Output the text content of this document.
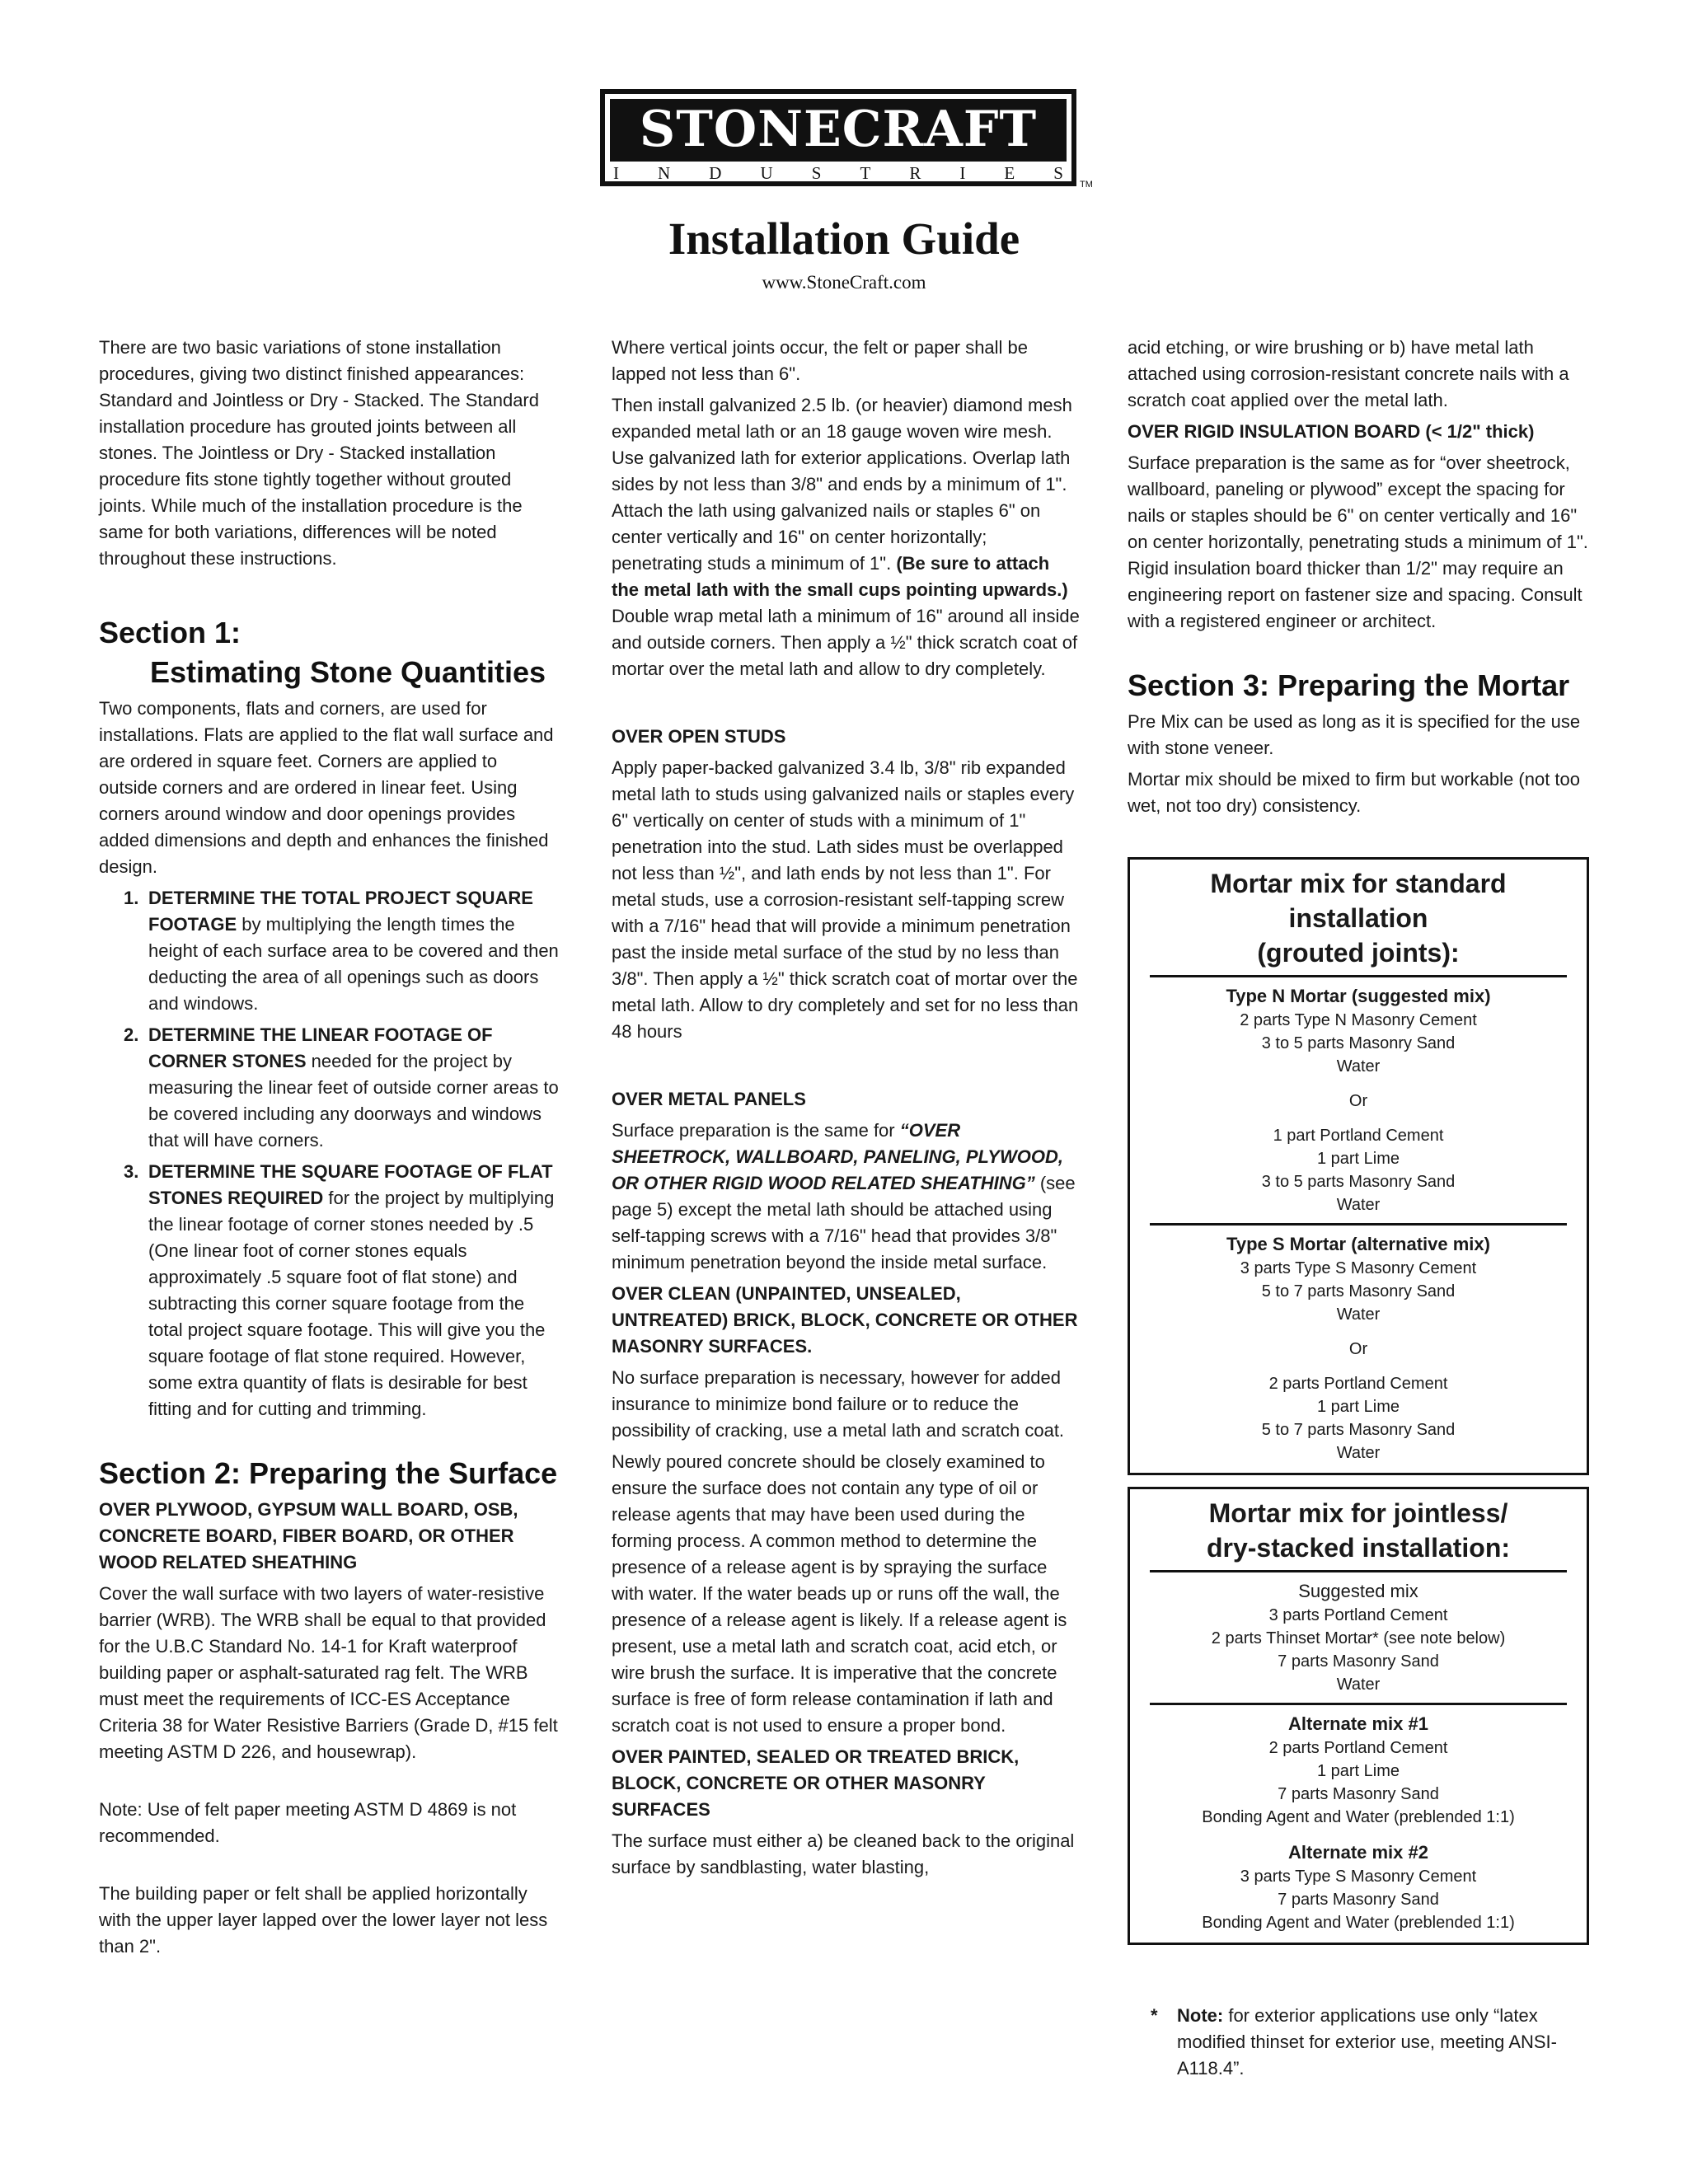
STONECRAFT
I N D U S T R I E S
TM
Installation Guide
www.StoneCraft.com

There are two basic variations of stone installation procedures, giving two distinct finished appearances: Standard and Jointless or Dry - Stacked. The Standard installation procedure has grouted joints between all stones. The Jointless or Dry - Stacked installation procedure fits stone tightly together without grouted joints. While much of the installation procedure is the same for both variations, differences will be noted throughout these instructions.

Section 1:
Estimating Stone Quantities

Two components, flats and corners, are used for installations. Flats are applied to the flat wall surface and are ordered in square feet. Corners are applied to outside corners and are ordered in linear feet. Using corners around window and door openings provides added dimensions and depth and enhances the finished design.

1. DETERMINE THE TOTAL PROJECT SQUARE FOOTAGE by multiplying the length times the height of each surface area to be covered and then deducting the area of all openings such as doors and windows.
2. DETERMINE THE LINEAR FOOTAGE OF CORNER STONES needed for the project by measuring the linear feet of outside corner areas to be covered including any doorways and windows that will have corners.
3. DETERMINE THE SQUARE FOOTAGE OF FLAT STONES REQUIRED for the project by multiplying the linear footage of corner stones needed by .5 (One linear foot of corner stones equals approximately .5 square foot of flat stone) and subtracting this corner square footage from the total project square footage. This will give you the square footage of flat stone required. However, some extra quantity of flats is desirable for best fitting and for cutting and trimming.
Section 2: Preparing the Surface

OVER PLYWOOD, GYPSUM WALL BOARD, OSB, CONCRETE BOARD, FIBER BOARD, OR OTHER WOOD RELATED SHEATHING

Cover the wall surface with two layers of water-resistive barrier (WRB). The WRB shall be equal to that provided for the U.B.C Standard No. 14-1 for Kraft waterproof building paper or asphalt-saturated rag felt. The WRB must meet the requirements of ICC-ES Acceptance Criteria 38 for Water Resistive Barriers (Grade D, #15 felt meeting ASTM D 226, and housewrap).

Note: Use of felt paper meeting ASTM D 4869 is not recommended.

The building paper or felt shall be applied horizontally with the upper layer lapped over the lower layer not less than 2".

Where vertical joints occur, the felt or paper shall be lapped not less than 6".

Then install galvanized 2.5 lb. (or heavier) diamond mesh expanded metal lath or an 18 gauge woven wire mesh. Use galvanized lath for exterior applications. Overlap lath sides by not less than 3/8" and ends by a minimum of 1". Attach the lath using galvanized nails or staples 6" on center vertically and 16" on center horizontally; penetrating studs a minimum of 1". (Be sure to attach the metal lath with the small cups pointing upwards.) Double wrap metal lath a minimum of 16" around all inside and outside corners. Then apply a ½" thick scratch coat of mortar over the metal lath and allow to dry completely.

OVER OPEN STUDS

Apply paper-backed galvanized 3.4 lb, 3/8" rib expanded metal lath to studs using galvanized nails or staples every 6" vertically on center of studs with a minimum of 1" penetration into the stud. Lath sides must be overlapped not less than ½", and lath ends by not less than 1". For metal studs, use a corrosion-resistant self-tapping screw with a 7/16" head that will provide a minimum penetration past the inside metal surface of the stud by no less than 3/8". Then apply a ½" thick scratch coat of mortar over the metal lath. Allow to dry completely and set for no less than 48 hours

OVER METAL PANELS

Surface preparation is the same for “OVER SHEETROCK, WALLBOARD, PANELING, PLYWOOD, OR OTHER RIGID WOOD RELATED SHEATHING” (see page 5) except the metal lath should be attached using self-tapping screws with a 7/16" head that provides 3/8" minimum penetration beyond the inside metal surface.

OVER CLEAN (UNPAINTED, UNSEALED, UNTREATED) BRICK, BLOCK, CONCRETE OR OTHER MASONRY SURFACES.

No surface preparation is necessary, however for added insurance to minimize bond failure or to reduce the possibility of cracking, use a metal lath and scratch coat.

Newly poured concrete should be closely examined to ensure the surface does not contain any type of oil or release agents that may have been used during the forming process. A common method to determine the presence of a release agent is by spraying the surface with water. If the water beads up or runs off the wall, the presence of a release agent is likely. If a release agent is present, use a metal lath and scratch coat, acid etch, or wire brush the surface. It is imperative that the concrete surface is free of form release contamination if lath and scratch coat is not used to ensure a proper bond.

OVER PAINTED, SEALED OR TREATED BRICK, BLOCK, CONCRETE OR OTHER MASONRY SURFACES

The surface must either a) be cleaned back to the original surface by sandblasting, water blasting,

acid etching, or wire brushing or b) have metal lath attached using corrosion-resistant concrete nails with a scratch coat applied over the metal lath.

OVER RIGID INSULATION BOARD (< 1/2" thick)

Surface preparation is the same as for “over sheetrock, wallboard, paneling or plywood” except the spacing for nails or staples should be 6" on center vertically and 16" on center horizontally, penetrating studs a minimum of 1". Rigid insulation board thicker than 1/2" may require an engineering report on fastener size and spacing. Consult with a registered engineer or architect.

Section 3: Preparing the Mortar

Pre Mix can be used as long as it is specified for the use with stone veneer.

Mortar mix should be mixed to firm but workable (not too wet, not too dry) consistency.

Mortar mix for standard installation
(grouted joints):
Type N Mortar (suggested mix)
2 parts Type N Masonry Cement
3 to 5 parts Masonry Sand
Water
Or
1 part Portland Cement
1 part Lime
3 to 5 parts Masonry Sand
Water
Type S Mortar (alternative mix)
3 parts Type S Masonry Cement
5 to 7 parts Masonry Sand
Water
Or
2 parts Portland Cement
1 part Lime
5 to 7 parts Masonry Sand
Water
Mortar mix for jointless/
dry-stacked installation:
Suggested mix
3 parts Portland Cement
2 parts Thinset Mortar* (see note below)
7 parts Masonry Sand
Water
Alternate mix #1
2 parts Portland Cement
1 part Lime
7 parts Masonry Sand
Bonding Agent and Water (preblended 1:1)
Alternate mix #2
3 parts Type S Masonry Cement
7 parts Masonry Sand
Bonding Agent and Water (preblended 1:1)
* Note: for exterior applications use only “latex modified thinset for exterior use, meeting ANSI-A118.4”.
